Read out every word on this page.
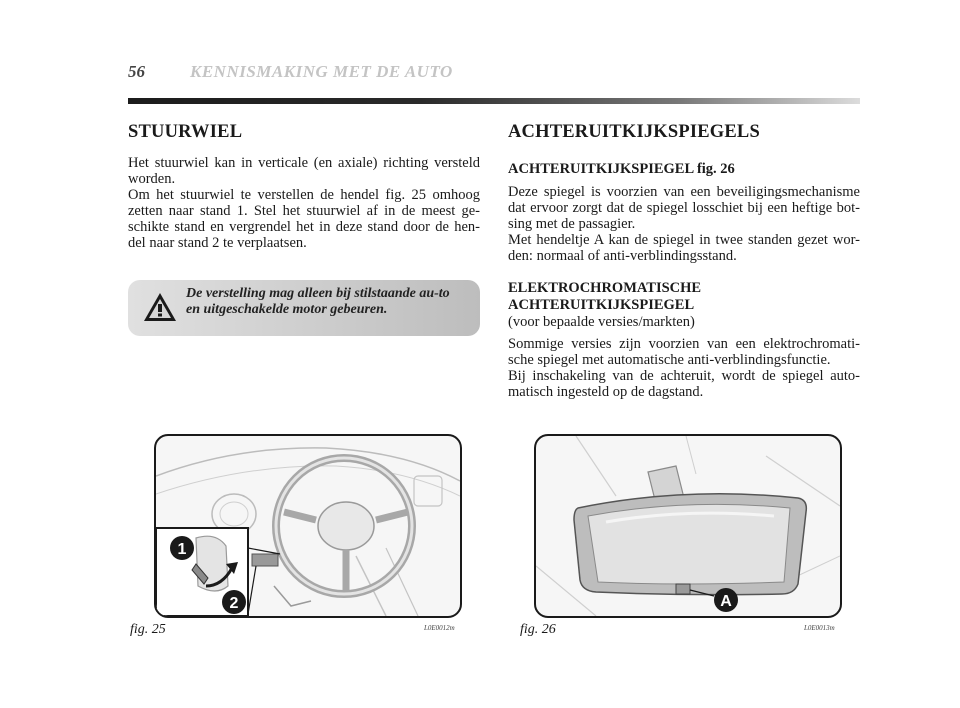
56	KENNISMAKING MET DE AUTO
STUURWIEL

Het stuurwiel kan in verticale (en axiale) richting versteld worden.

Om het stuurwiel te verstellen de hendel fig. 25 omhoog zetten naar stand 1. Stel het stuurwiel af in de meest ge-schikte stand en vergrendel het in deze stand door de hen-del naar stand 2 te verplaatsen.

De verstelling mag alleen bij stilstaande au-to en uitgeschakelde motor gebeuren.
ACHTERUITKIJKSPIEGELS
ACHTERUITKIJKSPIEGEL fig. 26

Deze spiegel is voorzien van een beveiligingsmechanisme dat ervoor zorgt dat de spiegel losschiet bij een heftige bot-sing met de passagier.

Met hendeltje A kan de spiegel in twee standen gezet wor-den: normaal of anti-verblindingsstand.

ELEKTROCHROMATISCHE
ACHTERUITKIJKSPIEGEL

(voor bepaalde versies/markten)

Sommige versies zijn voorzien van een elektrochromati-sche spiegel met automatische anti-verblindingsfunctie.

Bij inschakeling van de achteruit, wordt de spiegel auto-matisch ingesteld op de dagstand.

1
2
fig. 25	L0E0012m
A
fig. 26	L0E0013m
